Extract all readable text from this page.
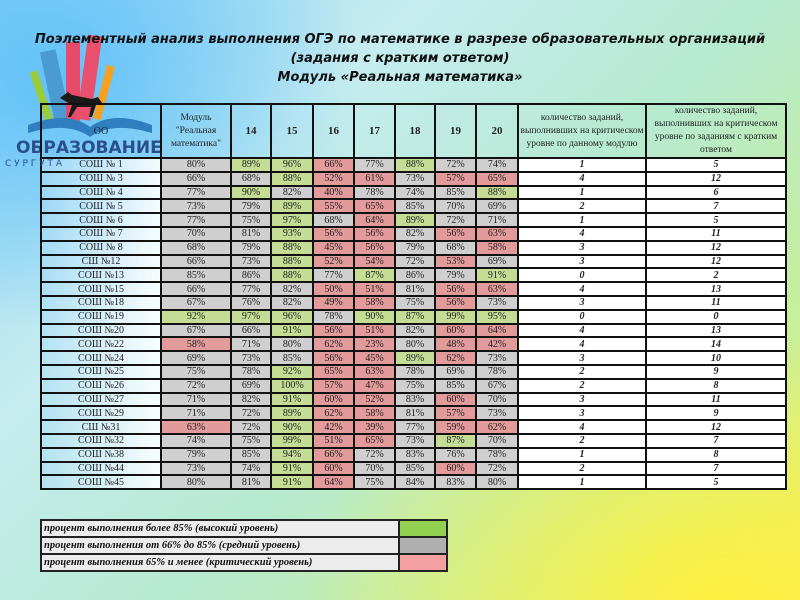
ОБРАЗОВАНИЕ
Поэлементный анализ выполнения ОГЭ по математике в разрезе образовательных организаций
(задания с кратким ответом)
Модуль «Реальная математика»
ОО	Модуль "Реальная математика"	14	15	16	17	18	19	20	количество заданий, выполнивших на критическом уровне по данному модулю	количество заданий, выполнивших на критическом уровне по заданиям с кратким ответом
СОШ № 1	80%	89%	96%	66%	77%	88%	72%	74%	1	5
СОШ № 3	66%	68%	88%	52%	61%	73%	57%	65%	4	12
СОШ № 4	77%	90%	82%	40%	78%	74%	85%	88%	1	6
СОШ № 5	73%	79%	89%	55%	65%	85%	70%	69%	2	7
СОШ № 6	77%	75%	97%	68%	64%	89%	72%	71%	1	5
СОШ № 7	70%	81%	93%	56%	56%	82%	56%	63%	4	11
СОШ № 8	68%	79%	88%	45%	56%	79%	68%	58%	3	12
СШ №12	66%	73%	88%	52%	54%	72%	53%	69%	3	12
СОШ №13	85%	86%	88%	77%	87%	86%	79%	91%	0	2
СОШ №15	66%	77%	82%	50%	51%	81%	56%	63%	4	13
СОШ №18	67%	76%	82%	49%	58%	75%	56%	73%	3	11
СОШ №19	92%	97%	96%	78%	90%	87%	99%	95%	0	0
СОШ №20	67%	66%	91%	56%	51%	82%	60%	64%	4	13
СОШ №22	58%	71%	80%	62%	23%	80%	48%	42%	4	14
СОШ №24	69%	73%	85%	56%	45%	89%	62%	73%	3	10
СОШ №25	75%	78%	92%	65%	63%	78%	69%	78%	2	9
СОШ №26	72%	69%	100%	57%	47%	75%	85%	67%	2	8
СОШ №27	71%	82%	91%	60%	52%	83%	60%	70%	3	11
СОШ №29	71%	72%	89%	62%	58%	81%	57%	73%	3	9
СШ №31	63%	72%	90%	42%	39%	77%	59%	62%	4	12
СОШ №32	74%	75%	99%	51%	65%	73%	87%	70%	2	7
СОШ №38	79%	85%	94%	66%	72%	83%	76%	78%	1	8
СОШ №44	73%	74%	91%	60%	70%	85%	60%	72%	2	7
СОШ №45	80%	81%	91%	64%	75%	84%	83%	80%	1	5
С У Р Г У Т А
процент выполнения более 85% (высокий уровень)	
процент выполнения от 66% до 85% (средний уровень)	
процент выполнения 65% и менее (критический уровень)	
